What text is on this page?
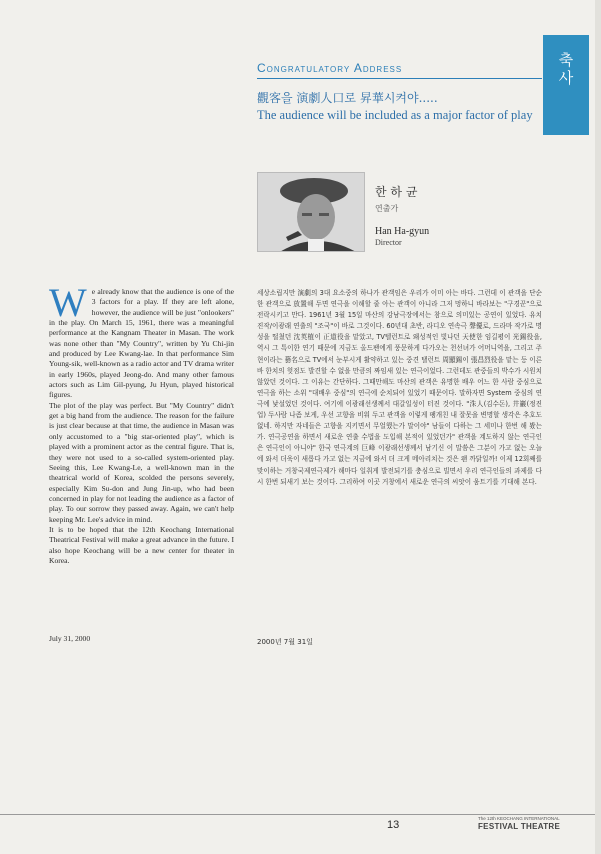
축
사
Congratulatory Address
觀客을 演劇人口로 昇華시켜야.....
The audience will be included as a major factor of play
한 하 균
연출가
Han Ha-gyun
Director

We already know that the audience is one of the 3 factors for a play. If they are left alone, however, the audience will be just "onlookers" in the play. On March 15, 1961, there was a meaningful performance at the Kangnam Theater in Masan. The work was none other than "My Country", written by Yu Chi-jin and produced by Lee Kwang-lae. In that performance Sim Young-sik, well-known as a radio actor and TV drama writer in early 1960s, played Jeong-do. And many other famous actors such as Lim Gil-pyung, Ju Hyun, played historical figures.

The plot of the play was perfect. But "My Country" didn't get a big hand from the audience. The reason for the failure is just clear because at that time, the audience in Masan was only accustomed to a "big star-oriented play", which is played with a prominent actor as the central figure. That is, they were not used to a so-called system-oriented play. Seeing this, Lee Kwang-Le, a well-known man in the theatrical world of Korea, scolded the persons severely, especially Kim Su-don and Jung Jin-up, who had been concerned in play for not leading the audience as a factor of play. To our sorrow they passed away. Again, we can't help keeping Mr. Lee's advice in mind.

It is to be hoped that the 12th Keochang International Theatrical Festival will make a great advance in the future. I also hope Keochang will be a new center for theater in Korea.

July 31, 2000

세상소립지만 演劇의 3대 요소중의 하나가 관객임은 우리가 이미 아는 바다. 그런데 이 관객을 단순한 관객으로 放置해 두면 연극을 이해할 줄 아는 관객이 아니라 그저 멍하니 바라보는 "구경꾼"으로 전락시키고 만다. 1961년 3월 15일 마산의 강남극장에서는 참으로 의미있는 공연이 있었다. 유치진작/이광래 연출의 "조국"이 바로 그것이다. 60년대 초반, 라디오 연속극 聲優로, 드라마 작가로 명성을 떨쳤던 沈英植이 正道役을 맡았고, TV텔런트로 왜성적인 빛나던 天使한 임길평이 光錫役을, 역시 그 특이한 연기 때문에 지금도 올드팬에게 풍문하게 다가오는 천선녀가 어머니역을, 그리고 주현이라는 藝名으로 TV에서 눈부시게 활약하고 있는 중견 탤런트 周顯錫이 張昌烈役을 맡는 등 이른바 한치의 헛점도 발견할 수 없을 만큼의 짜임새 있는 연극이었다. 그런데도 관중들의 박수가 시원치 않았던 것이다. 그 이유는 간단하다. 그때만해도 마산의 관객은 유명한 배우 어느 한 사람 중심으로 연극을 하는 소위 "대배우 중심"의 연극에 순치되어 있었기 때문이다. 말하자면 System 중심의 연극에 낯설었던 것이다. 여기에 이광래선생께서 대갈일성이 터진 것이다. "洙人(김수돈), 井巖(정진업) 두사람 나좀 보게, 우선 고향을 비워 두고 관객을 이렇게 팽개친 내 잘못을 변명할 생각은 추호도 없네. 하지만 자네들은 고향을 지키면서 무얼했는가 말이야" 남들이 다하는 그 세미나 한번 해 봤는가. 연극공연을 하면서 새로운 연출 수법을 도입해 본적이 있었던가" 관객을 계도하지 않는 연극인은 연극인이 아니야" 한국 연극계의 巨峰 이광래선생께서 남기신 이 말씀은 그분이 가고 없는 오늘에 와서 더욱이 새롭다 가고 없는 지금에 와서 더 크게 메아리치는 것은 왠 까닭일까! 이제 12회째를 맞이하는 거창국제연극제가 해마다 일취게 발전되기를 충심으로 빌면서 우리 연극인들의 과제를 다시 한번 되새기 보는 것이다. 그리하여 이곳 거창에서 새로운 연극의 씨앗이 움트기를 기대해 본다.

2000년 7월 31일
13
The 12th KEOCHANG INTERNATIONAL
FESTIVAL THEATRE
